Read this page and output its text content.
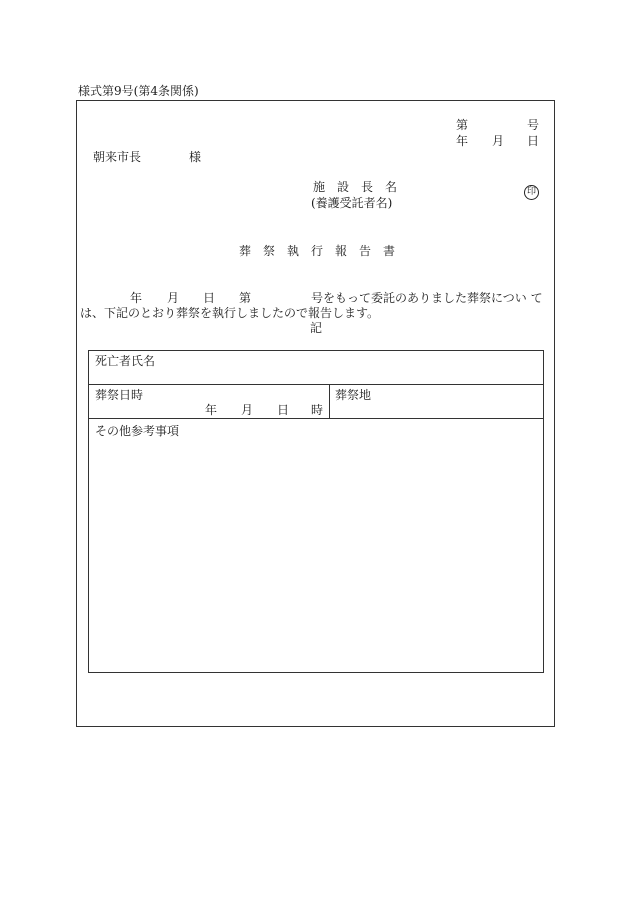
様式第9号(第4条関係)
第	号
年 月 日
朝来市長	様
施　設　長　名
(養護受託者名)
印
葬　祭　執　行　報　告　書
年 月 日 第	号をもって委託のありました葬祭につい て
は、下記のとおり葬祭を執行しましたので報告します。
記
死亡者氏名
葬祭日時
年 月 日 時
葬祭地
その他参考事項
